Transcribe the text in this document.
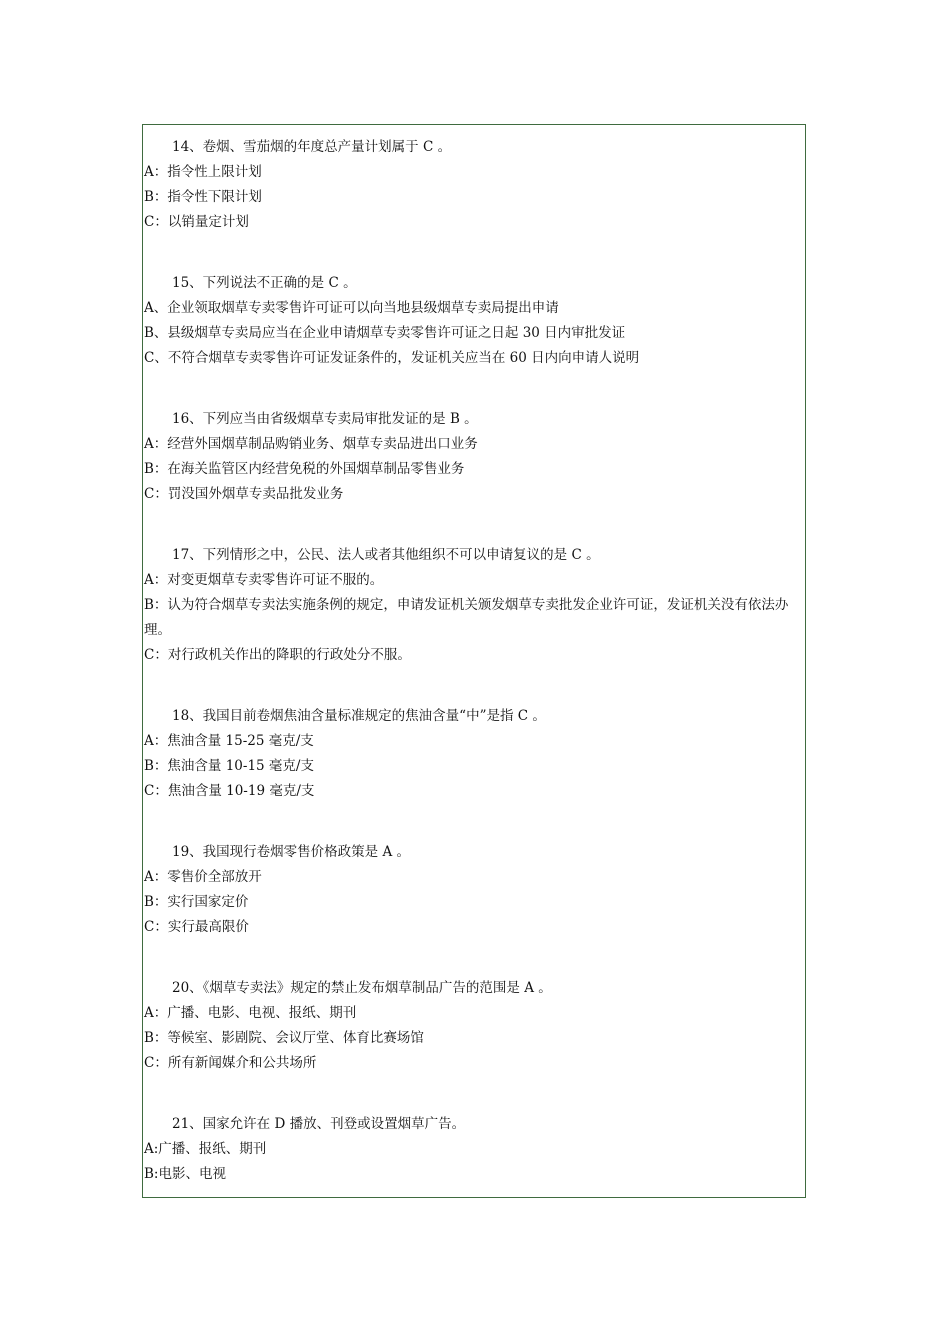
14、卷烟、雪茄烟的年度总产量计划属于 C 。
A：指令性上限计划
B：指令性下限计划
C：以销量定计划
15、下列说法不正确的是 C 。
A、企业领取烟草专卖零售许可证可以向当地县级烟草专卖局提出申请
B、县级烟草专卖局应当在企业申请烟草专卖零售许可证之日起 30 日内审批发证
C、不符合烟草专卖零售许可证发证条件的，发证机关应当在 60 日内向申请人说明
16、下列应当由省级烟草专卖局审批发证的是 B 。
A：经营外国烟草制品购销业务、烟草专卖品进出口业务
B：在海关监管区内经营免税的外国烟草制品零售业务
C：罚没国外烟草专卖品批发业务
17、下列情形之中，公民、法人或者其他组织不可以申请复议的是 C 。
A：对变更烟草专卖零售许可证不服的。
B：认为符合烟草专卖法实施条例的规定，申请发证机关颁发烟草专卖批发企业许可证，发证机关没有依法办理。
C：对行政机关作出的降职的行政处分不服。
18、我国目前卷烟焦油含量标准规定的焦油含量“中”是指 C 。
A：焦油含量 15-25 毫克/支
B：焦油含量 10-15 毫克/支
C：焦油含量 10-19 毫克/支
19、我国现行卷烟零售价格政策是 A 。
A：零售价全部放开
B：实行国家定价
C：实行最高限价
20、《烟草专卖法》规定的禁止发布烟草制品广告的范围是 A 。
A：广播、电影、电视、报纸、期刊
B：等候室、影剧院、会议厅堂、体育比赛场馆
C：所有新闻媒介和公共场所
21、国家允许在 D 播放、刊登或设置烟草广告。
A:广播、报纸、期刊
B:电影、电视
